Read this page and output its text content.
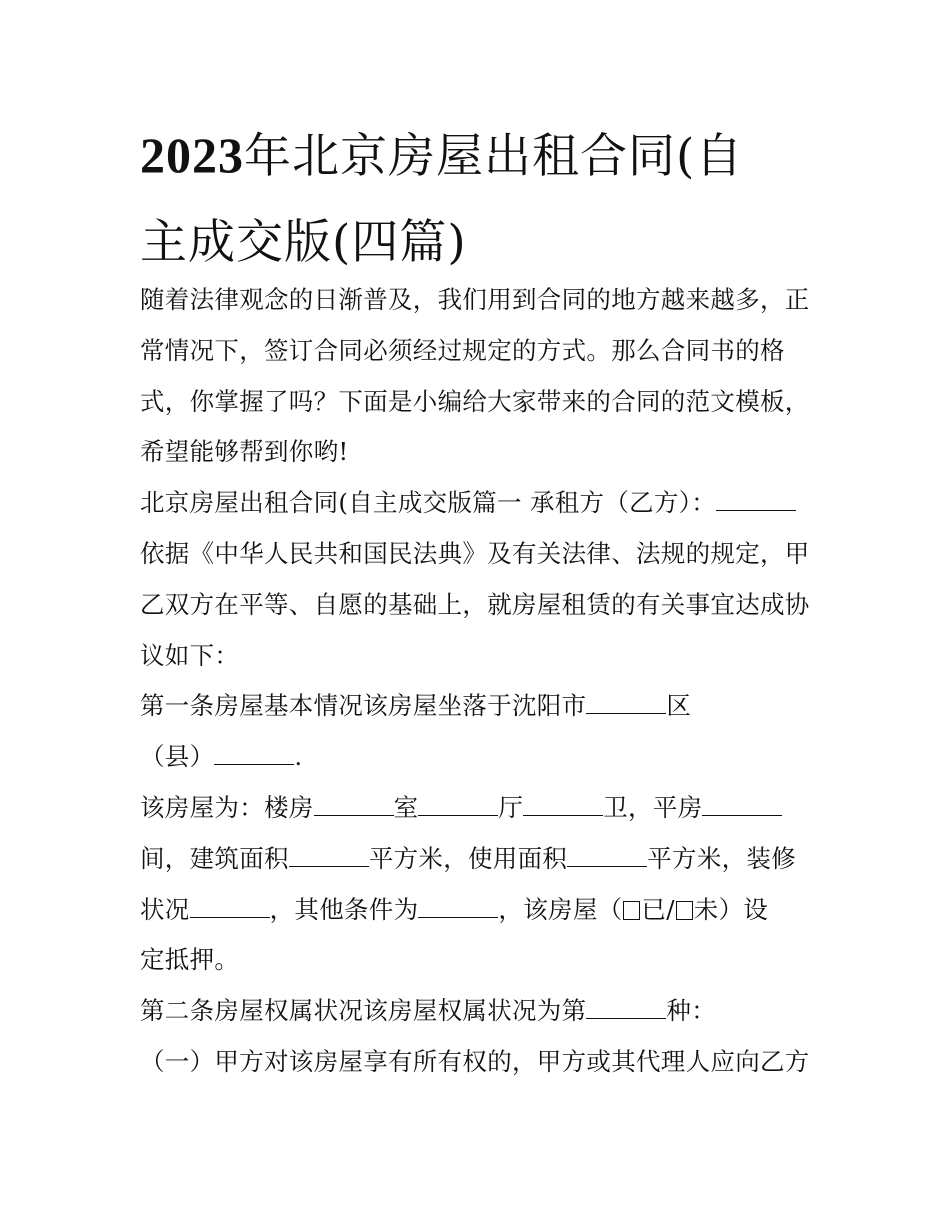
2023年北京房屋出租合同(自
主成交版(四篇)
随着法律观念的日渐普及，我们用到合同的地方越来越多，正
常情况下，签订合同必须经过规定的方式。那么合同书的格
式，你掌握了吗？下面是小编给大家带来的合同的范文模板，
希望能够帮到你哟!
北京房屋出租合同(自主成交版篇一 承租方（乙方）：
依据《中华人民共和国民法典》及有关法律、法规的规定，甲
乙双方在平等、自愿的基础上，就房屋租赁的有关事宜达成协
议如下：
第一条房屋基本情况该房屋坐落于沈阳市	区
（县）	.
该房屋为：楼房	室	厅	卫，平房
间，建筑面积	平方米，使用面积	平方米，装修
状况	，其他条件为	，该房屋（ 已/ 未）设
定抵押。
第二条房屋权属状况该房屋权属状况为第	种：
（一）甲方对该房屋享有所有权的，甲方或其代理人应向乙方
